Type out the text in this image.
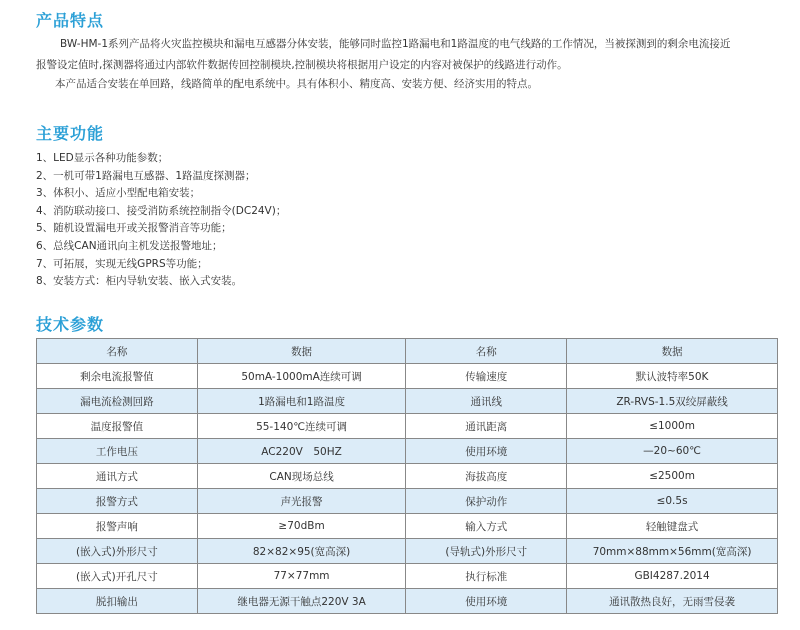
产品特点
BW-HM-1系列产品将火灾监控模块和漏电互感器分体安装，能够同时监控1路漏电和1路温度的电气线路的工作情况，当被探测到的剩余电流接近
报警设定值时,探测器将通过内部软件数据传回控制模块,控制模块将根据用户设定的内容对被保护的线路进行动作。
本产品适合安装在单回路，线路简单的配电系统中。具有体积小、精度高、安装方便、经济实用的特点。
主要功能
1、LED显示各种功能参数；
2、一机可带1路漏电互感器、1路温度探测器；
3、体积小、适应小型配电箱安装；
4、消防联动接口、接受消防系统控制指令(DC24V)；
5、随机设置漏电开或关报警消音等功能；
6、总线CAN通讯向主机发送报警地址；
7、可拓展，实现无线GPRS等功能；
8、安装方式：柜内导轨安装、嵌入式安装。
技术参数
名称	数据	名称	数据
剩余电流报警值	50mA-1000mA连续可调	传输速度	默认波特率50K
漏电流检测回路	1路漏电和1路温度	通讯线	ZR-RVS-1.5双绞屏蔽线
温度报警值	55-140℃连续可调	通讯距离	≤1000m
工作电压	AC220V　50HZ	使用环境	—20~60℃
通讯方式	CAN现场总线	海拔高度	≤2500m
报警方式	声光报警	保护动作	≤0.5s
报警声响	≥70dBm	输入方式	轻触键盘式
(嵌入式)外形尺寸	82×82×95(宽高深)	(导轨式)外形尺寸	70mm×88mm×56mm(宽高深)
(嵌入式)开孔尺寸	77×77mm	执行标准	GBI4287.2014
脱扣输出	继电器无源干触点220V 3A	使用环境	通讯散热良好，无雨雪侵袭
